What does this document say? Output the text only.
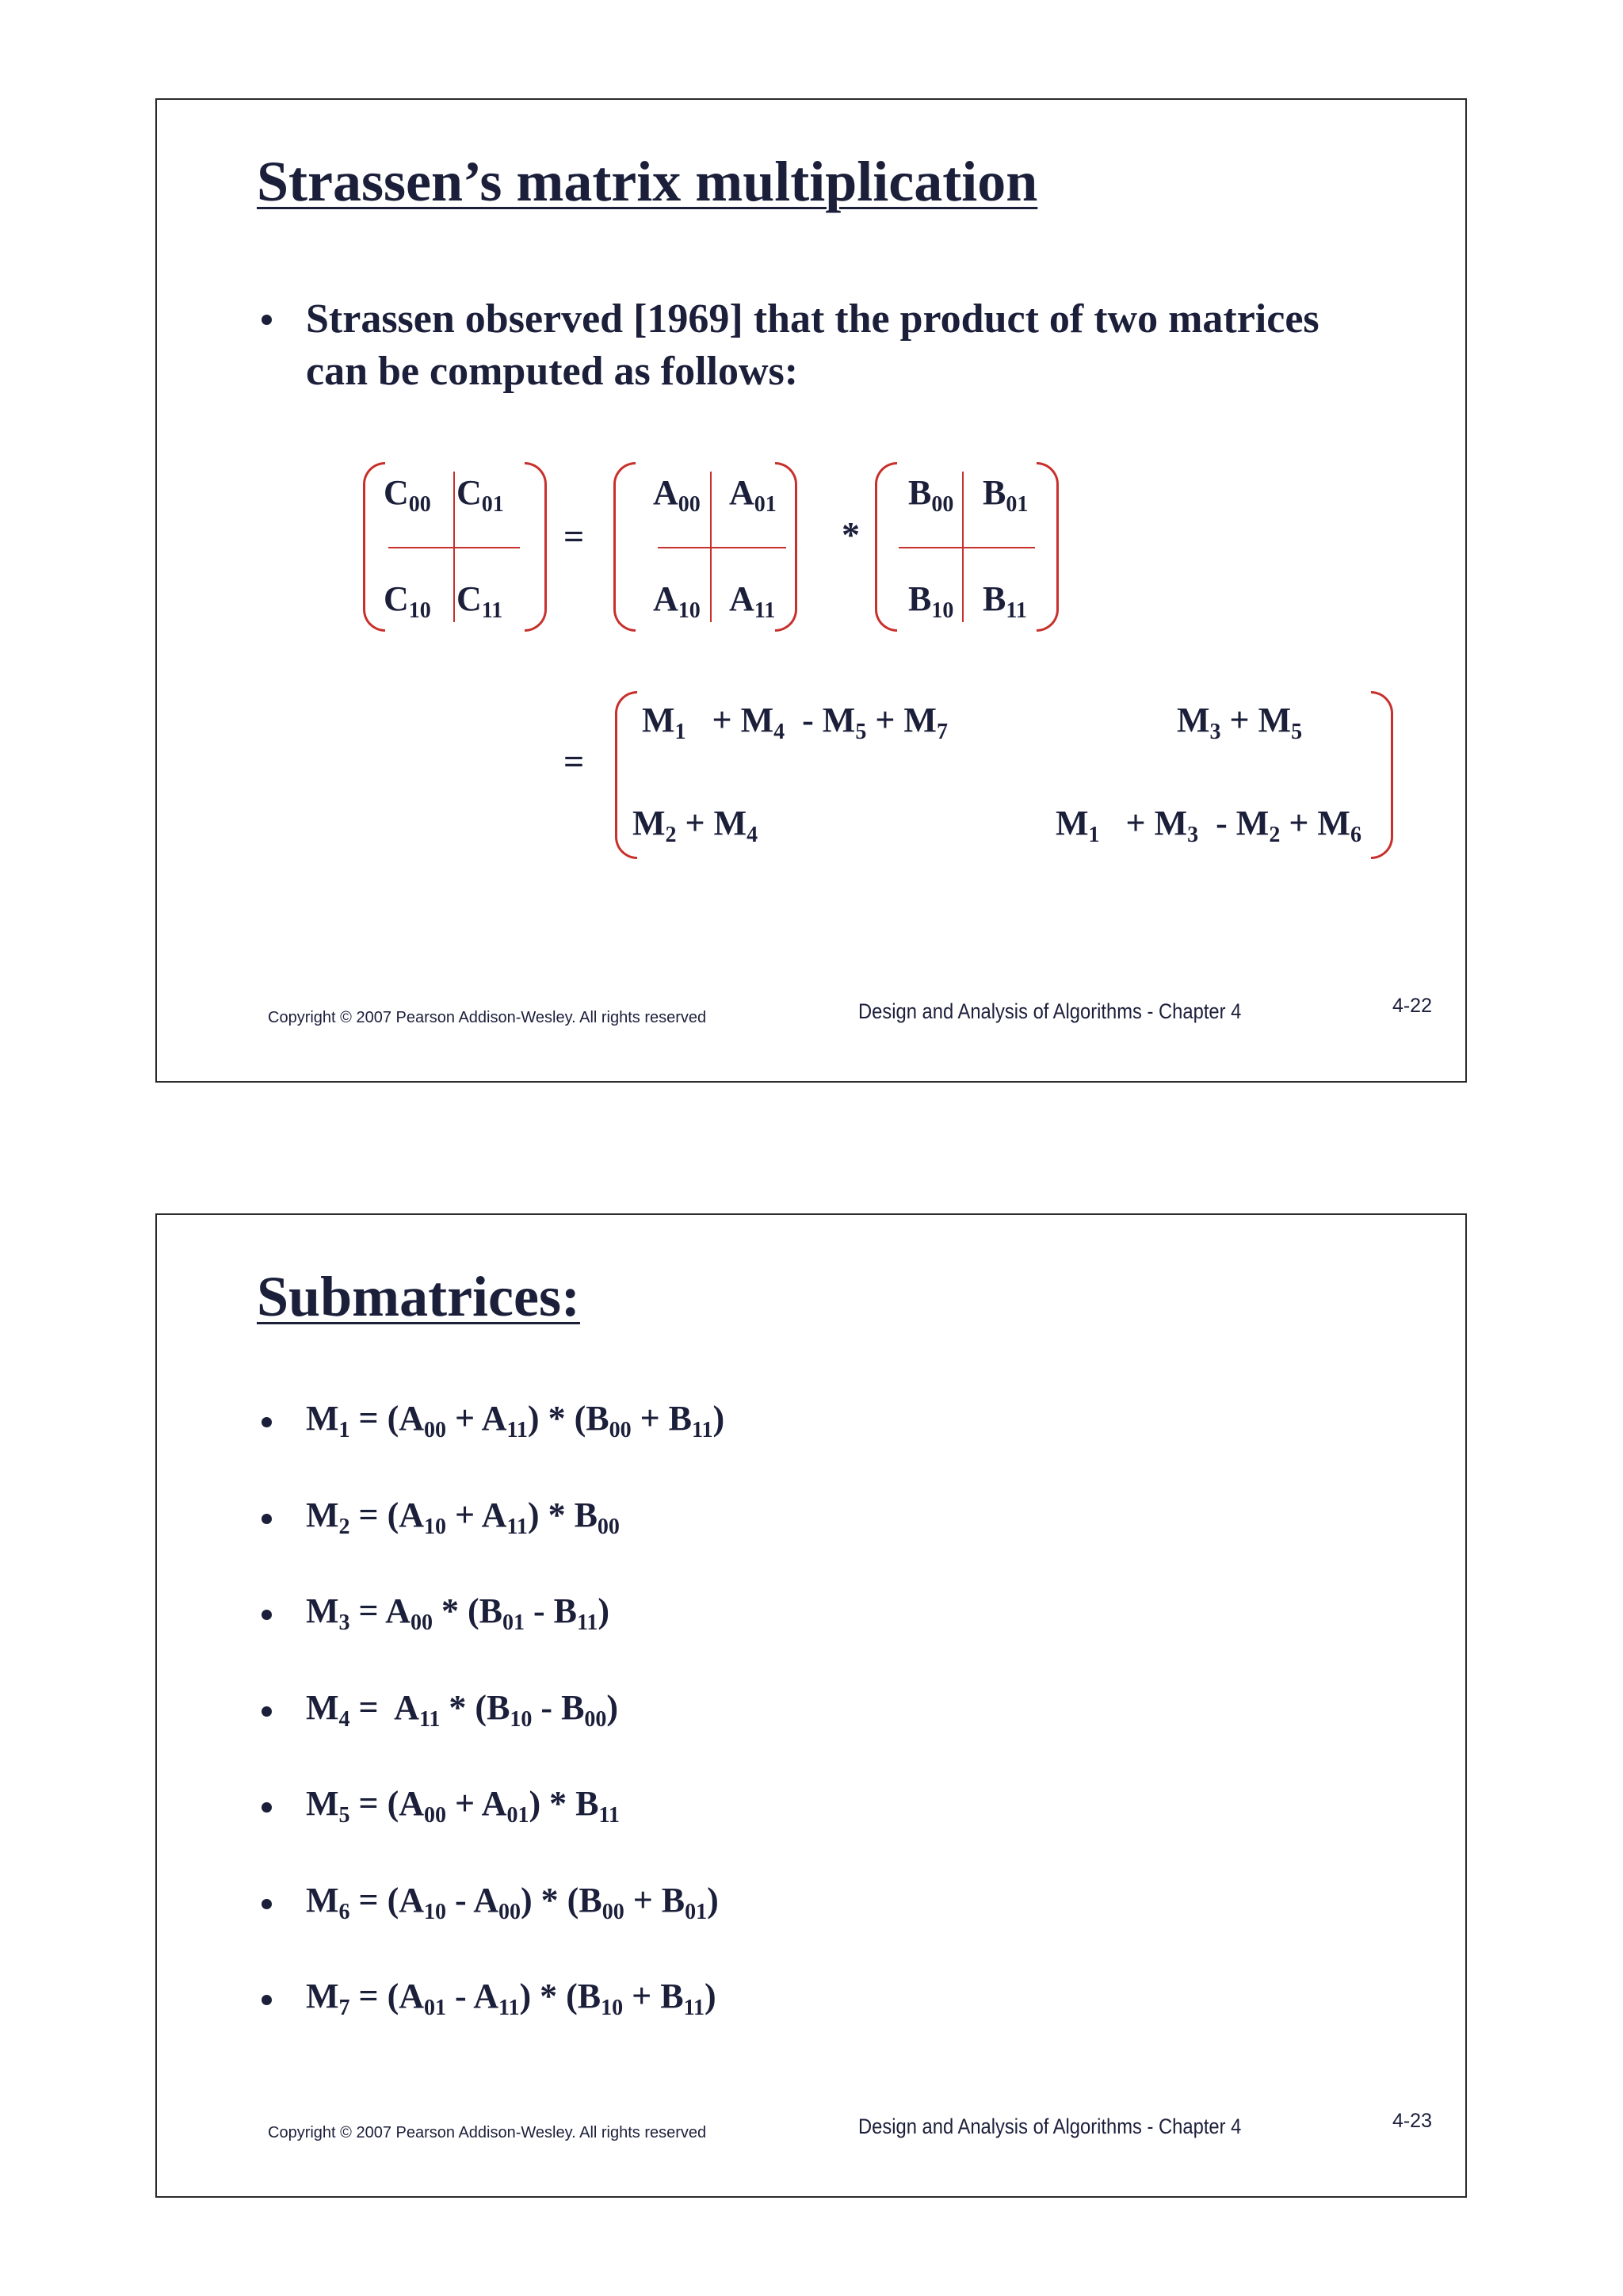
Strassen’s matrix multiplication
Strassen observed [1969] that the product of two matrices
can be computed as follows:
$C_{00}$ $C_{01}$
$C_{10}$ $C_{11}$
=
$A_{00}$ $A_{01}$
$A_{10}$ $A_{11}$
*
$B_{00}$ $B_{01}$
$B_{10}$ $B_{11}$
=
$M_1 + M_4 - M_5 + M_7$	$M_3 + M_5$
$M_2 + M_4$	$M_1 + M_3 - M_2 + M_6$
Copyright © 2007 Pearson Addison-Wesley. All rights reserved	Design and Analysis of Algorithms - Chapter 4	4-22
Submatrices:
$M_1 = (A_{00} + A_{11}) * (B_{00} + B_{11})$
$M_2 = (A_{10} + A_{11}) * B_{00}$
$M_3 = A_{00} * (B_{01} - B_{11})$
$M_4 = A_{11} * (B_{10} - B_{00})$
$M_5 = (A_{00} + A_{01}) * B_{11}$
$M_6 = (A_{10} - A_{00}) * (B_{00} + B_{01})$
$M_7 = (A_{01} - A_{11}) * (B_{10} + B_{11})$
Copyright © 2007 Pearson Addison-Wesley. All rights reserved	Design and Analysis of Algorithms - Chapter 4	4-23
